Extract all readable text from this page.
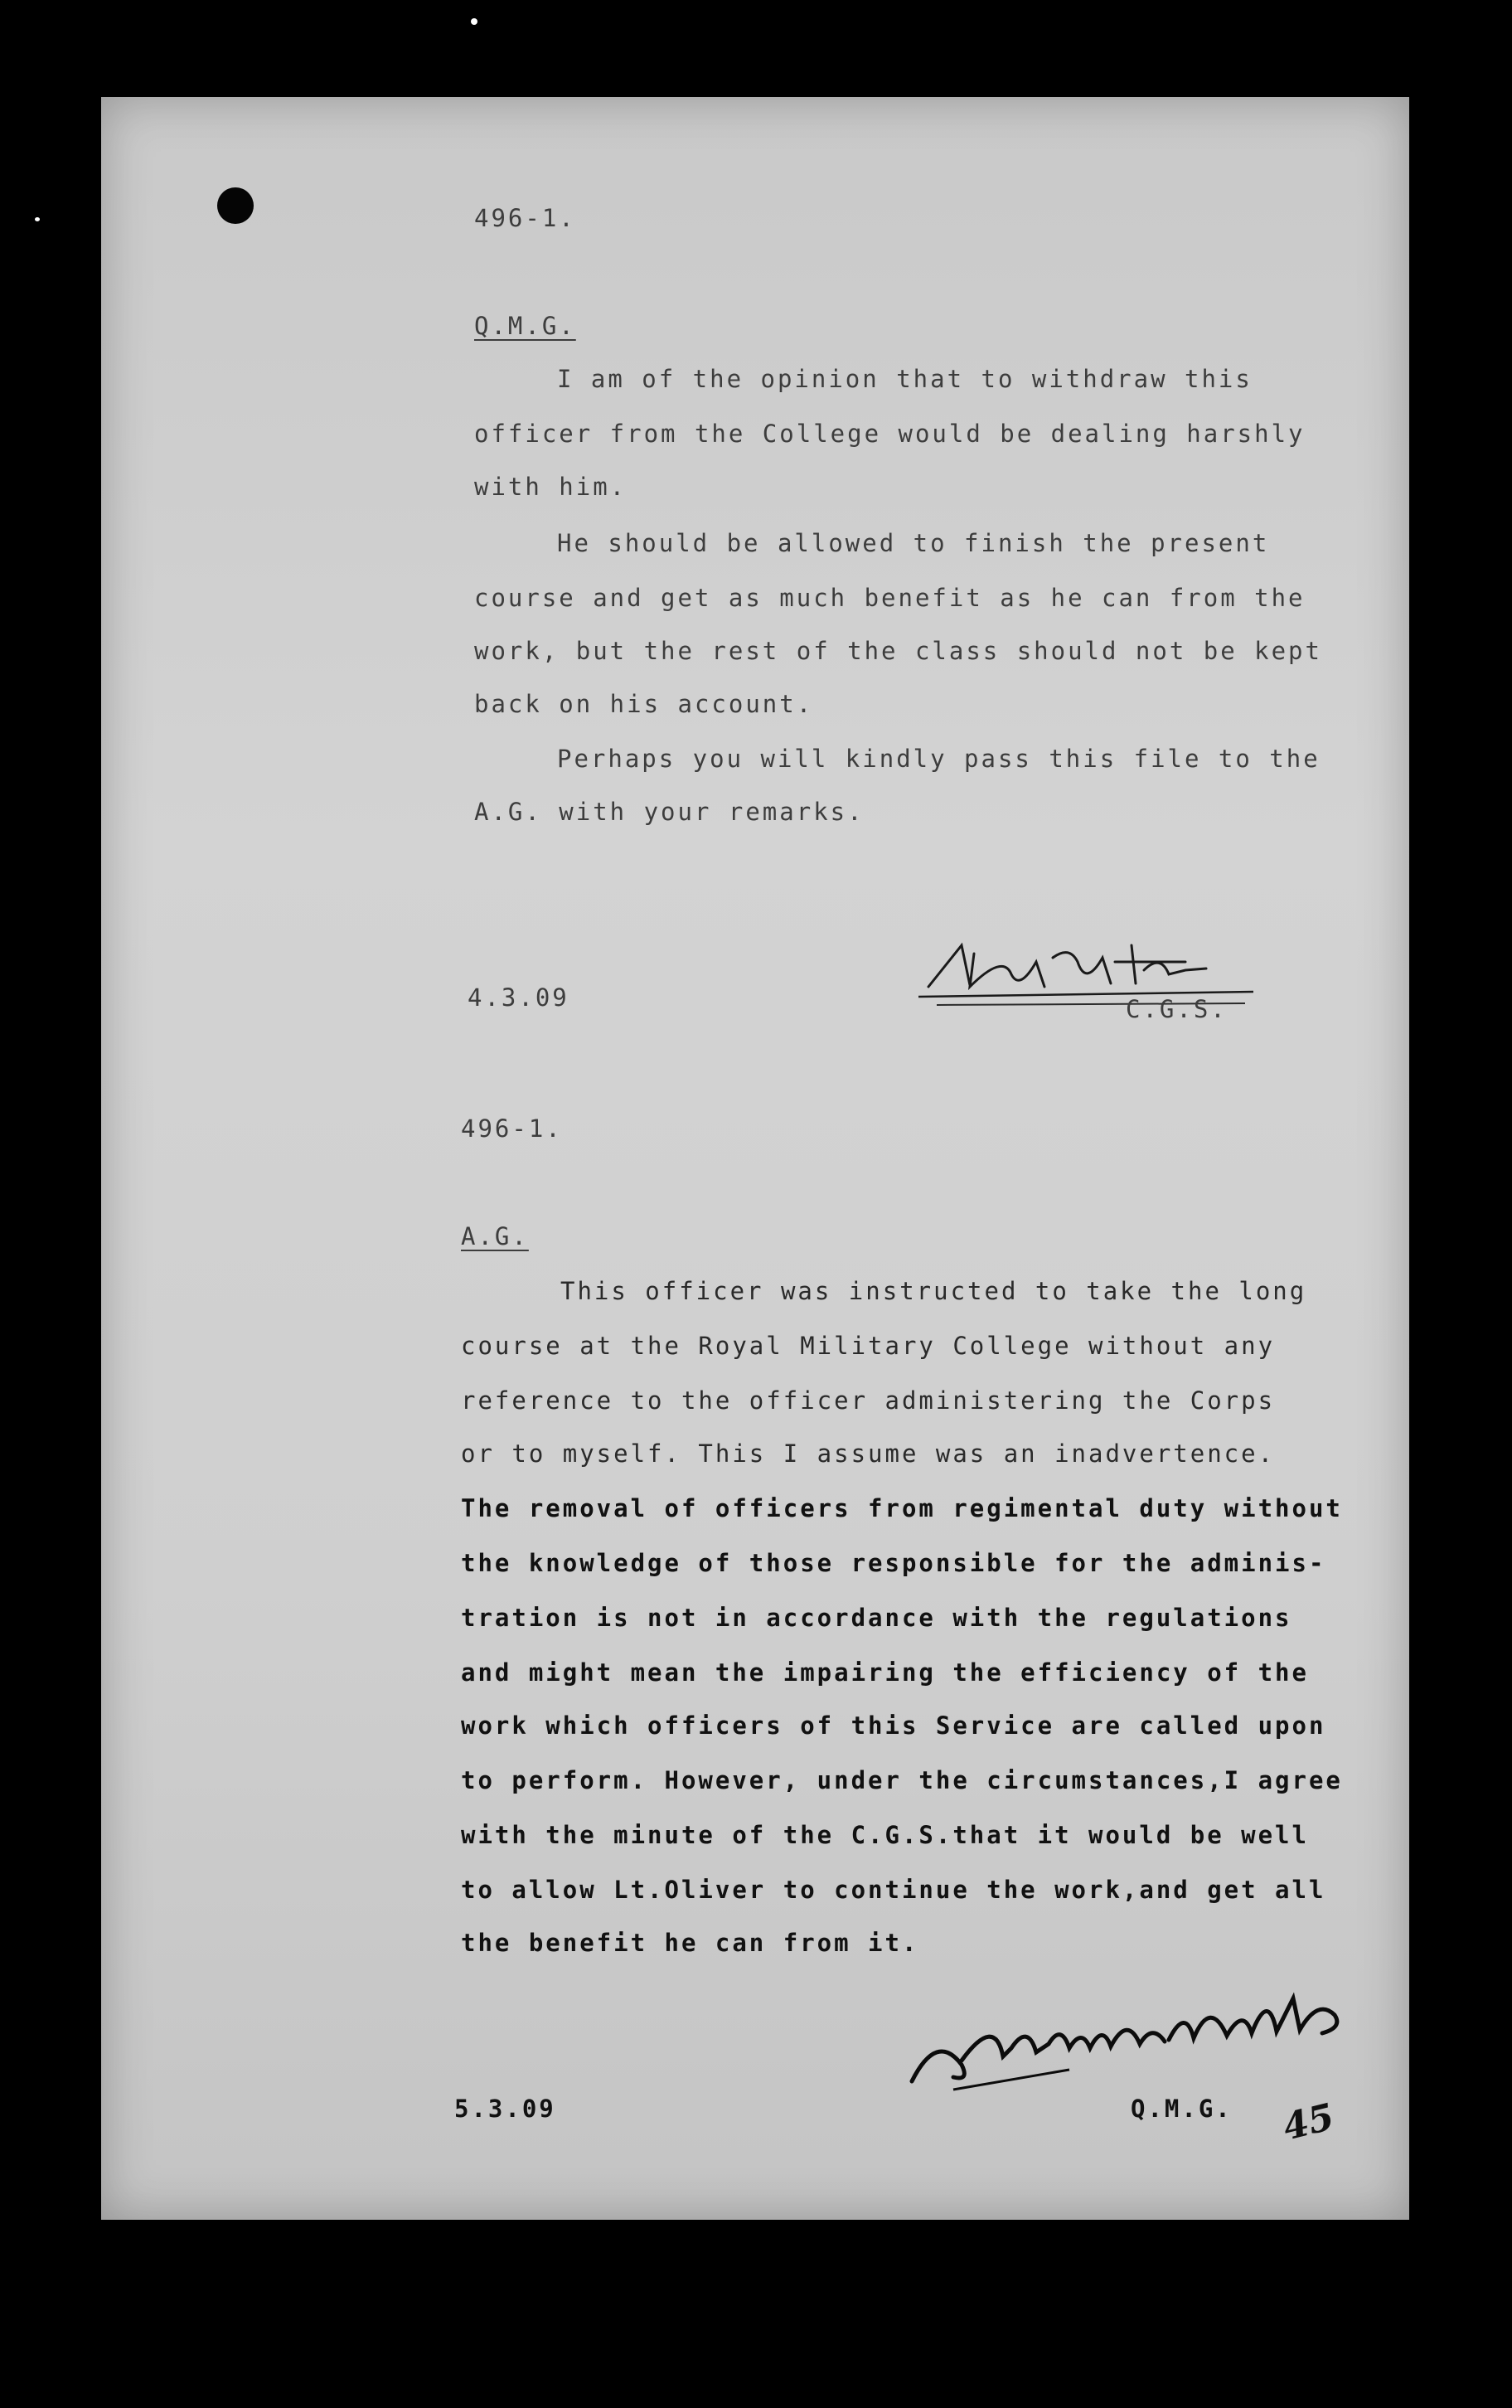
496-1.

Q.M.G.

I am of the opinion that to withdraw this

officer from the College would be dealing harshly

with him.

He should be allowed to finish the present

course and get as much benefit as he can from the

work, but the rest of the class should not be kept

back on his account.

Perhaps you will kindly pass this file to the

A.G. with your remarks.

4.3.09	C.G.S.

496-1.

A.G.

This officer was instructed to take the long

course at the Royal Military College without any

reference to the officer administering the Corps

or to myself. This I assume was an inadvertence.

The removal of officers from regimental duty without

the knowledge of those responsible for the adminis-

tration is not in accordance with the regulations

and might mean the impairing the efficiency of the

work which officers of this Service are called upon

to perform. However, under the circumstances,I agree

with the minute of the C.G.S.that it would be well

to allow Lt.Oliver to continue the work,and get all

the benefit he can from it.

5.3.09	Q.M.G. 45
